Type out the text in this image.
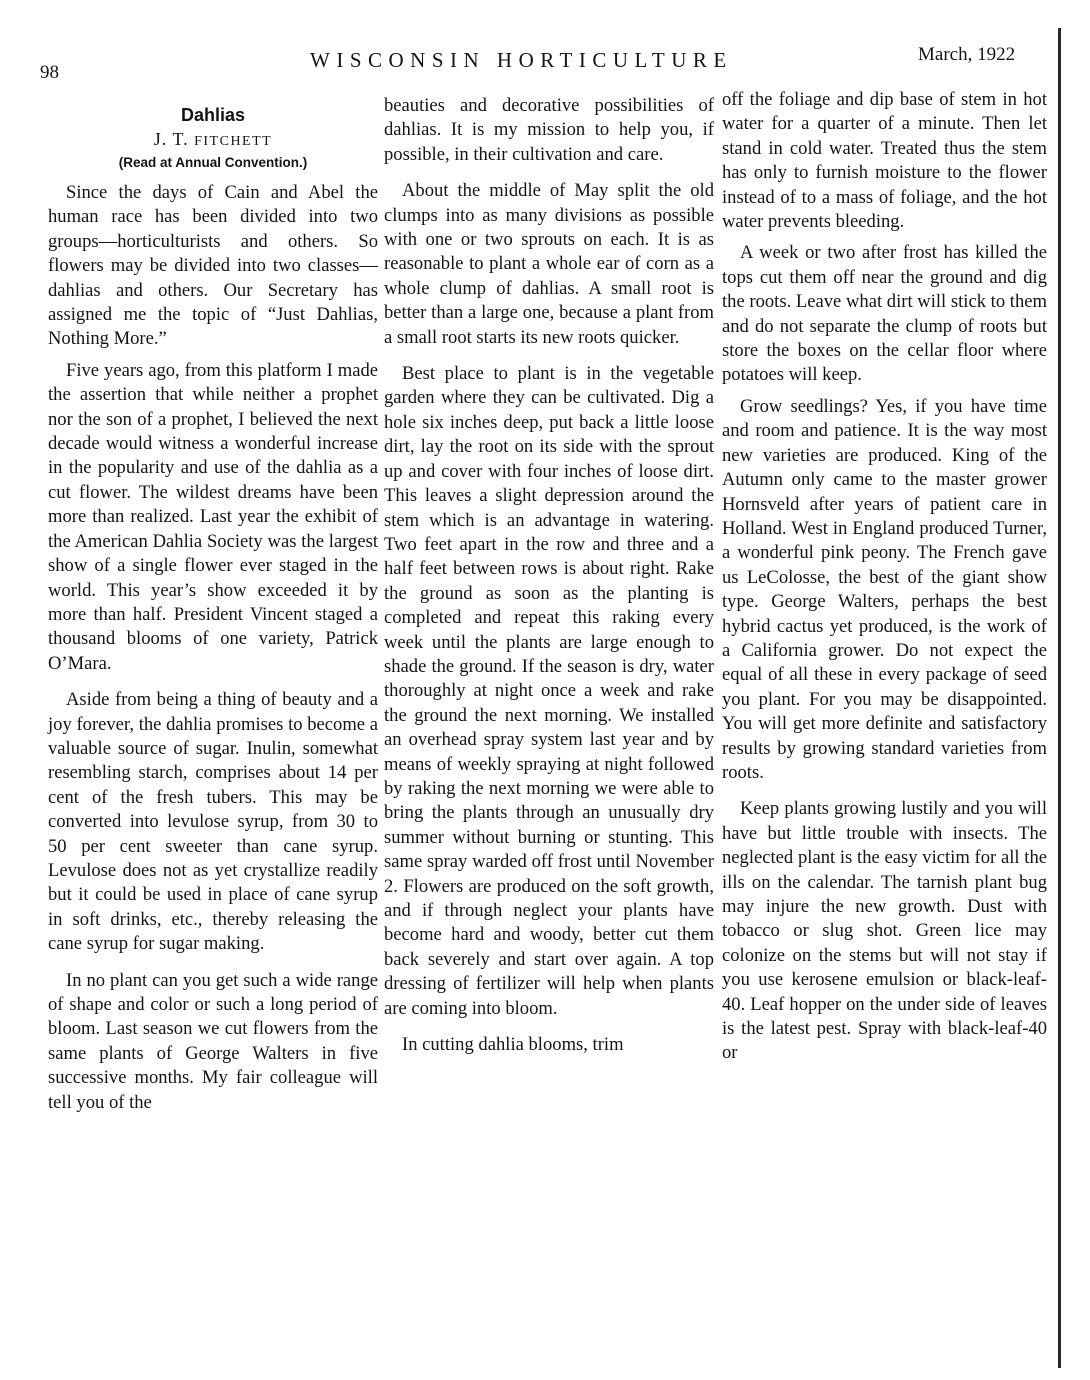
98
WISCONSIN HORTICULTURE	March, 1922
Dahlias
J. T. FITCHETT
(Read at Annual Convention.)

Since the days of Cain and Abel the human race has been divided into two groups—horticulturists and others. So flowers may be divided into two classes—dahlias and others. Our Secretary has assigned me the topic of “Just Dahlias, Nothing More.”

Five years ago, from this platform I made the assertion that while neither a prophet nor the son of a prophet, I believed the next decade would witness a wonderful increase in the popularity and use of the dahlia as a cut flower. The wildest dreams have been more than realized. Last year the exhibit of the American Dahlia Society was the largest show of a single flower ever staged in the world. This year’s show exceeded it by more than half. President Vincent staged a thousand blooms of one variety, Patrick O’Mara.

Aside from being a thing of beauty and a joy forever, the dahlia promises to become a valuable source of sugar. Inulin, somewhat resembling starch, comprises about 14 per cent of the fresh tubers. This may be converted into levulose syrup, from 30 to 50 per cent sweeter than cane syrup. Levulose does not as yet crystallize readily but it could be used in place of cane syrup in soft drinks, etc., thereby releasing the cane syrup for sugar making.

In no plant can you get such a wide range of shape and color or such a long period of bloom. Last season we cut flowers from the same plants of George Walters in five successive months. My fair colleague will tell you of the

beauties and decorative possibilities of dahlias. It is my mission to help you, if possible, in their cultivation and care.

About the middle of May split the old clumps into as many divisions as possible with one or two sprouts on each. It is as reasonable to plant a whole ear of corn as a whole clump of dahlias. A small root is better than a large one, because a plant from a small root starts its new roots quicker.

Best place to plant is in the vegetable garden where they can be cultivated. Dig a hole six inches deep, put back a little loose dirt, lay the root on its side with the sprout up and cover with four inches of loose dirt. This leaves a slight depression around the stem which is an advantage in watering. Two feet apart in the row and three and a half feet between rows is about right. Rake the ground as soon as the planting is completed and repeat this raking every week until the plants are large enough to shade the ground. If the season is dry, water thoroughly at night once a week and rake the ground the next morning. We installed an overhead spray system last year and by means of weekly spraying at night followed by raking the next morning we were able to bring the plants through an unusually dry summer without burning or stunting. This same spray warded off frost until November 2. Flowers are produced on the soft growth, and if through neglect your plants have become hard and woody, better cut them back severely and start over again. A top dressing of fertilizer will help when plants are coming into bloom.

In cutting dahlia blooms, trim

off the foliage and dip base of stem in hot water for a quarter of a minute. Then let stand in cold water. Treated thus the stem has only to furnish moisture to the flower instead of to a mass of foliage, and the hot water prevents bleeding.

A week or two after frost has killed the tops cut them off near the ground and dig the roots. Leave what dirt will stick to them and do not separate the clump of roots but store the boxes on the cellar floor where potatoes will keep.

Grow seedlings? Yes, if you have time and room and patience. It is the way most new varieties are produced. King of the Autumn only came to the master grower Hornsveld after years of patient care in Holland. West in England produced Turner, a wonderful pink peony. The French gave us LeColosse, the best of the giant show type. George Walters, perhaps the best hybrid cactus yet produced, is the work of a California grower. Do not expect the equal of all these in every package of seed you plant. For you may be disappointed. You will get more definite and satisfactory results by growing standard varieties from roots.

Keep plants growing lustily and you will have but little trouble with insects. The neglected plant is the easy victim for all the ills on the calendar. The tarnish plant bug may injure the new growth. Dust with tobacco or slug shot. Green lice may colonize on the stems but will not stay if you use kerosene emulsion or black-leaf-40. Leaf hopper on the under side of leaves is the latest pest. Spray with black-leaf-40 or
